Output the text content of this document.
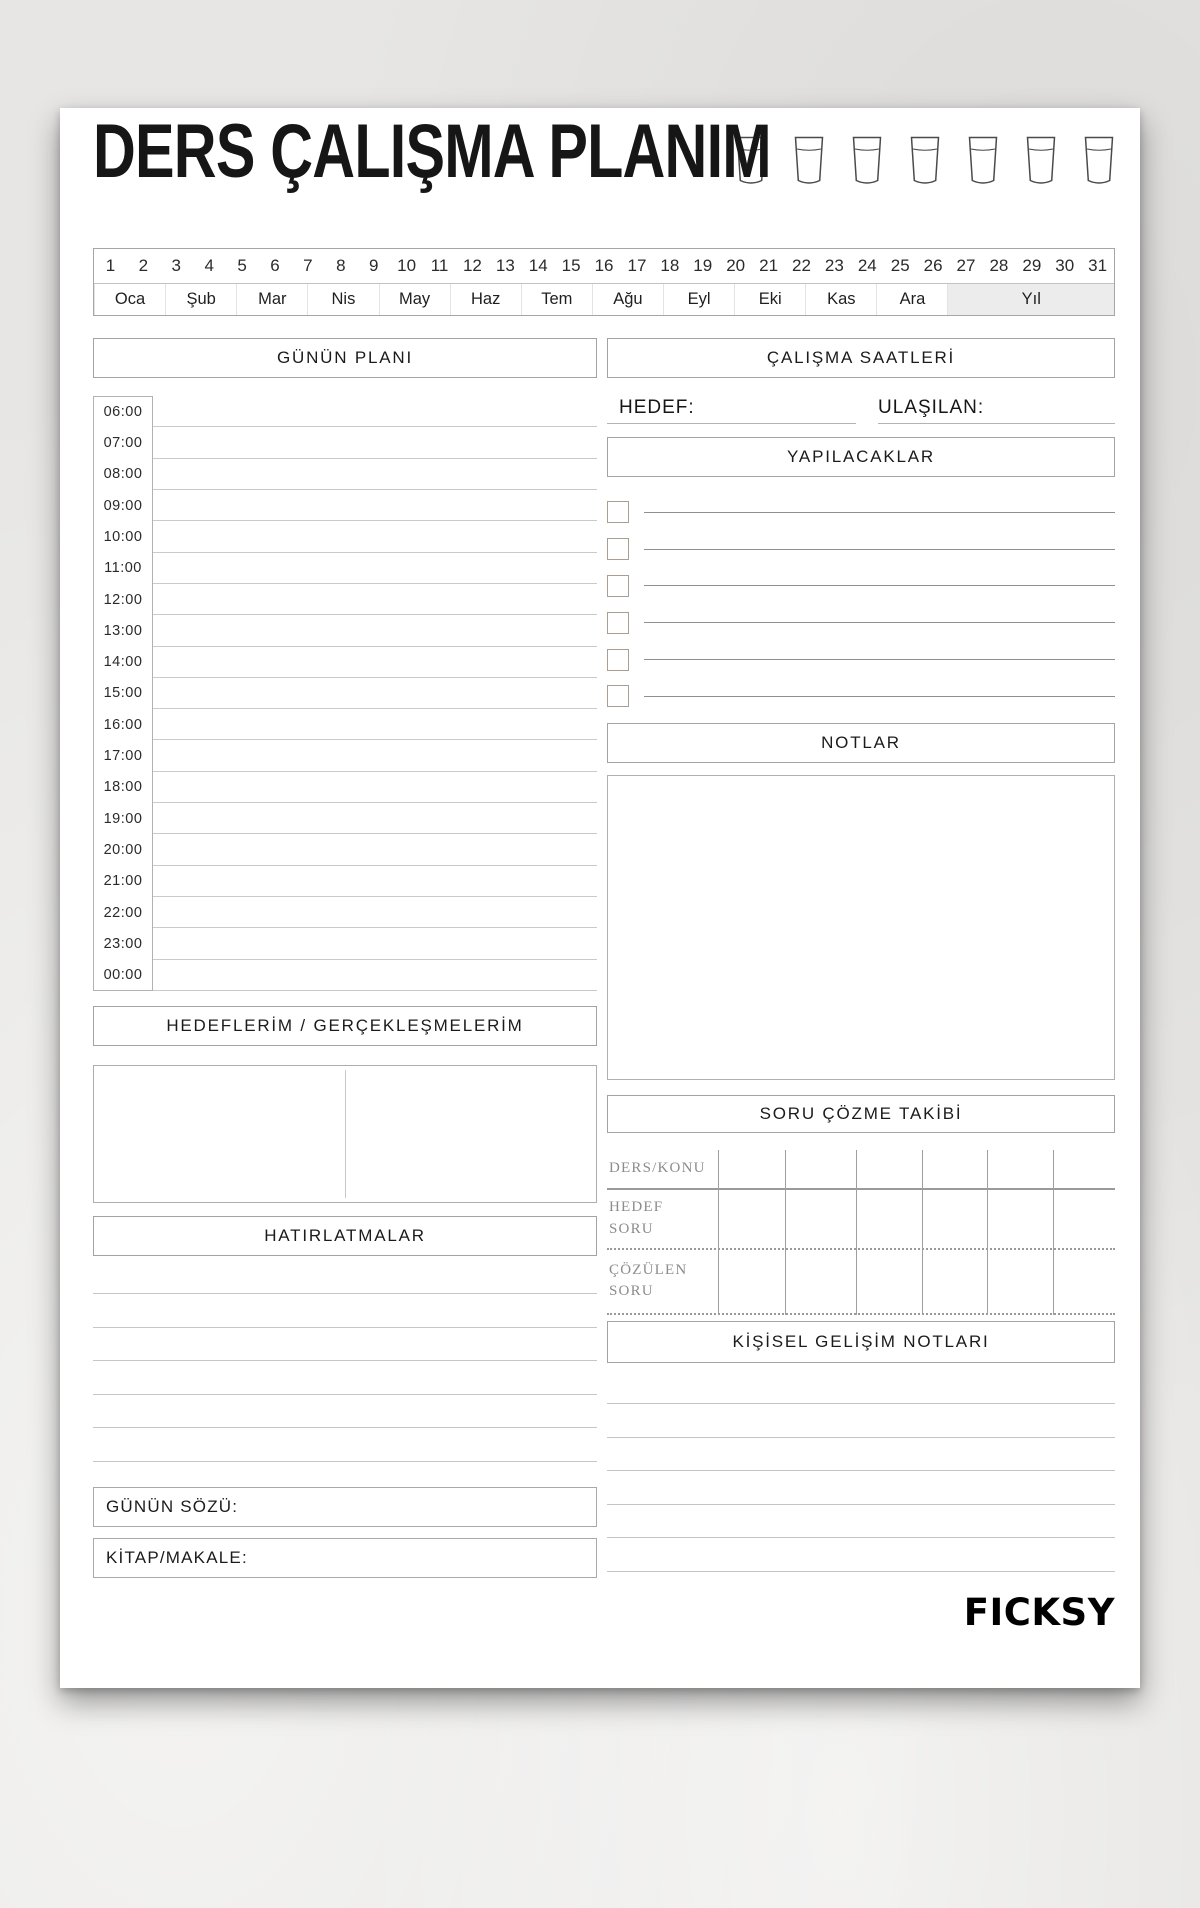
DERS ÇALIŞMA PLANIM
1	2	3	4	5	6	7	8	9	10 11 12 13 14 15 16 17 18 19 20 21 22 23 24 25 26 27 28 29 30 31
Oca	Şub	Mar	Nis	May	Haz	Tem	Ağu	Eyl	Eki	Kas	Ara	Yıl
GÜNÜN PLANI
06:00
07:00
08:00
09:00
10:00
11:00
12:00
13:00
14:00
15:00
16:00
17:00
18:00
19:00
20:00
21:00
22:00
23:00
00:00
HEDEFLERİM / GERÇEKLEŞMELERİM
HATIRLATMALAR
GÜNÜN SÖZÜ:
KİTAP/MAKALE:
ÇALIŞMA SAATLERİ
HEDEF:	ULAŞILAN:
YAPILACAKLAR
NOTLAR
SORU ÇÖZME TAKİBİ
DERS/KONU
HEDEF SORU
ÇÖZÜLEN SORU
KİŞİSEL GELİŞİM NOTLARI
FICKSY
